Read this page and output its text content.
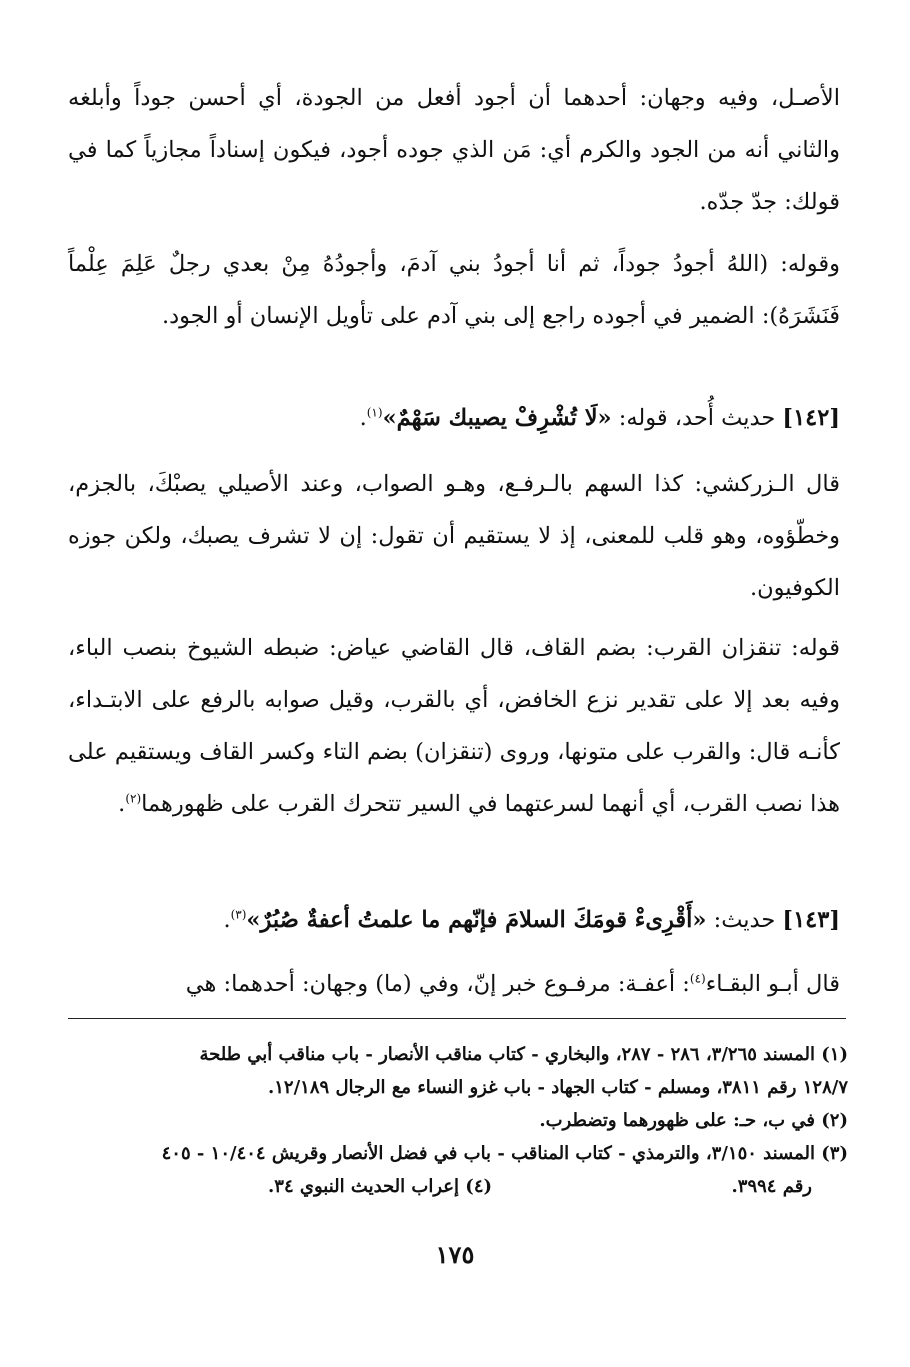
الأصـل، وفيه وجهان: أحدهما أن أجود أفعل من الجودة، أي أحسن جوداً وأبلغه والثاني أنه من الجود والكرم أي: مَن الذي جوده أجود، فيكون إسناداً مجازياً كما في قولك: جدّ جدّه.

وقوله: (اللهُ أجودُ جوداً، ثم أنا أجودُ بني آدمَ، وأجودُهُ مِنْ بعدي رجلٌ عَلِمَ عِلْماً فَنَشَرَهُ): الضمير في أجوده راجع إلى بني آدم على تأويل الإنسان أو الجود.

[١٤٢] حديث أُحد، قوله: «لَا تُشْرِفْ يصيبك سَهْمٌ»$^{(١)}$.

قال الـزركشي: كذا السهم بالـرفـع، وهـو الصواب، وعند الأصيلي يصبْكَ، بالجزم، وخطّؤوه، وهو قلب للمعنى، إذ لا يستقيم أن تقول: إن لا تشرف يصبك، ولكن جوزه الكوفيون.

قوله: تنقزان القرب: بضم القاف، قال القاضي عياض: ضبطه الشيوخ بنصب الباء، وفيه بعد إلا على تقدير نزع الخافض، أي بالقرب، وقيل صوابه بالرفع على الابتـداء، كأنـه قال: والقرب على متونها، وروى (تنقزان) بضم التاء وكسر القاف ويستقيم على هذا نصب القرب، أي أنهما لسرعتهما في السير تتحرك القرب على ظهورهما$^{(٢)}$.

[١٤٣] حديث: «أَقْرِىءْ قومَكَ السلامَ فإنّهم ما علمتُ أعفةٌ صُبُرٌ»$^{(٣)}$.

قال أبـو البقـاء$^{(٤)}$: أعفـة: مرفـوع خبر إنّ، وفي (ما) وجهان: أحدهما: هي

(١) المسند ٣/٢٦٥، ٢٨٦ - ٢٨٧، والبخاري - كتاب مناقب الأنصار - باب مناقب أبي طلحة

١٢٨/٧ رقم ٣٨١١، ومسلم - كتاب الجهاد - باب غزو النساء مع الرجال ١٢/١٨٩.

(٢) في ب، حـ: على ظهورهما وتضطرب.

(٣) المسند ٣/١٥٠، والترمذي - كتاب المناقب - باب في فضل الأنصار وقريش ١٠/٤٠٤ - ٤٠٥

رقم ٣٩٩٤.
(٤) إعراب الحديث النبوي ٣٤.
١٧٥
